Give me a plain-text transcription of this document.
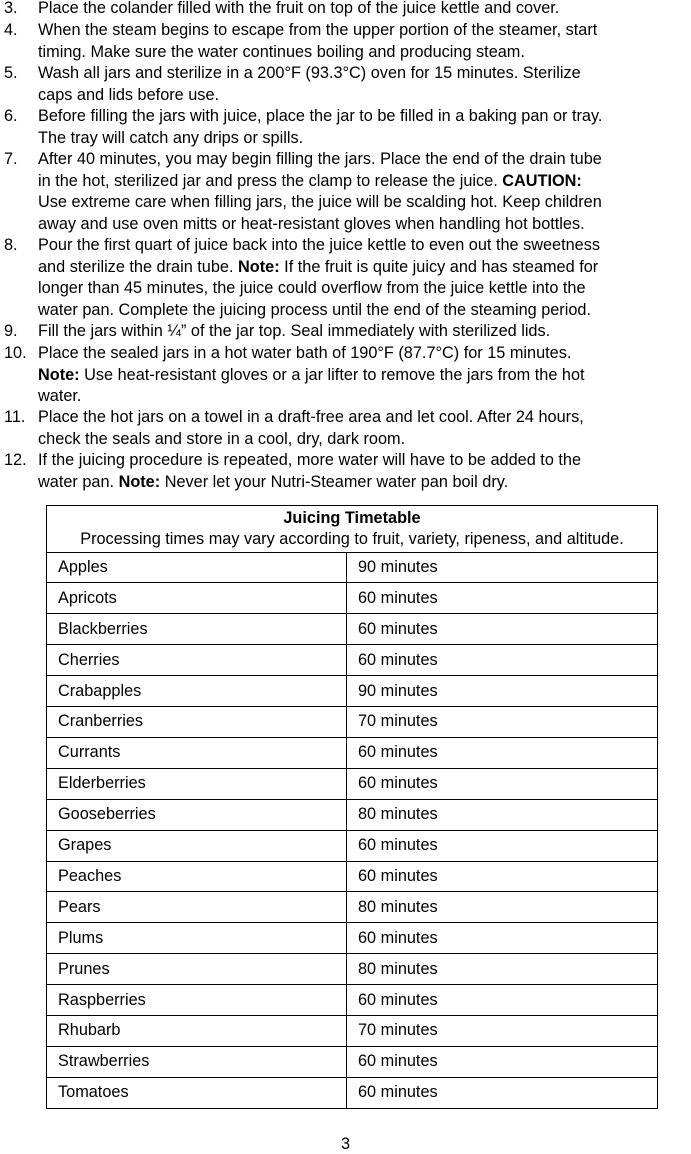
3. Place the colander filled with the fruit on top of the juice kettle and cover.
4. When the steam begins to escape from the upper portion of the steamer, start
timing. Make sure the water continues boiling and producing steam.
5. Wash all jars and sterilize in a 200°F (93.3°C) oven for 15 minutes. Sterilize
caps and lids before use.
6. Before filling the jars with juice, place the jar to be filled in a baking pan or tray.
The tray will catch any drips or spills.
7. After 40 minutes, you may begin filling the jars. Place the end of the drain tube
in the hot, sterilized jar and press the clamp to release the juice. CAUTION:
Use extreme care when filling jars, the juice will be scalding hot. Keep children
away and use oven mitts or heat-resistant gloves when handling hot bottles.
8. Pour the first quart of juice back into the juice kettle to even out the sweetness
and sterilize the drain tube. Note: If the fruit is quite juicy and has steamed for
longer than 45 minutes, the juice could overflow from the juice kettle into the
water pan. Complete the juicing process until the end of the steaming period.
9. Fill the jars within ¼” of the jar top. Seal immediately with sterilized lids.
10. Place the sealed jars in a hot water bath of 190°F (87.7°C) for 15 minutes.
Note: Use heat-resistant gloves or a jar lifter to remove the jars from the hot
water.
11. Place the hot jars on a towel in a draft-free area and let cool. After 24 hours,
check the seals and store in a cool, dry, dark room.
12. If the juicing procedure is repeated, more water will have to be added to the
water pan. Note: Never let your Nutri-Steamer water pan boil dry.
Juicing Timetable
Processing times may vary according to fruit, variety, ripeness, and altitude.	
Apples	90 minutes
Apricots	60 minutes
Blackberries	60 minutes
Cherries	60 minutes
Crabapples	90 minutes
Cranberries	70 minutes
Currants	60 minutes
Elderberries	60 minutes
Gooseberries	80 minutes
Grapes	60 minutes
Peaches	60 minutes
Pears	80 minutes
Plums	60 minutes
Prunes	80 minutes
Raspberries	60 minutes
Rhubarb	70 minutes
Strawberries	60 minutes
Tomatoes	60 minutes
3
